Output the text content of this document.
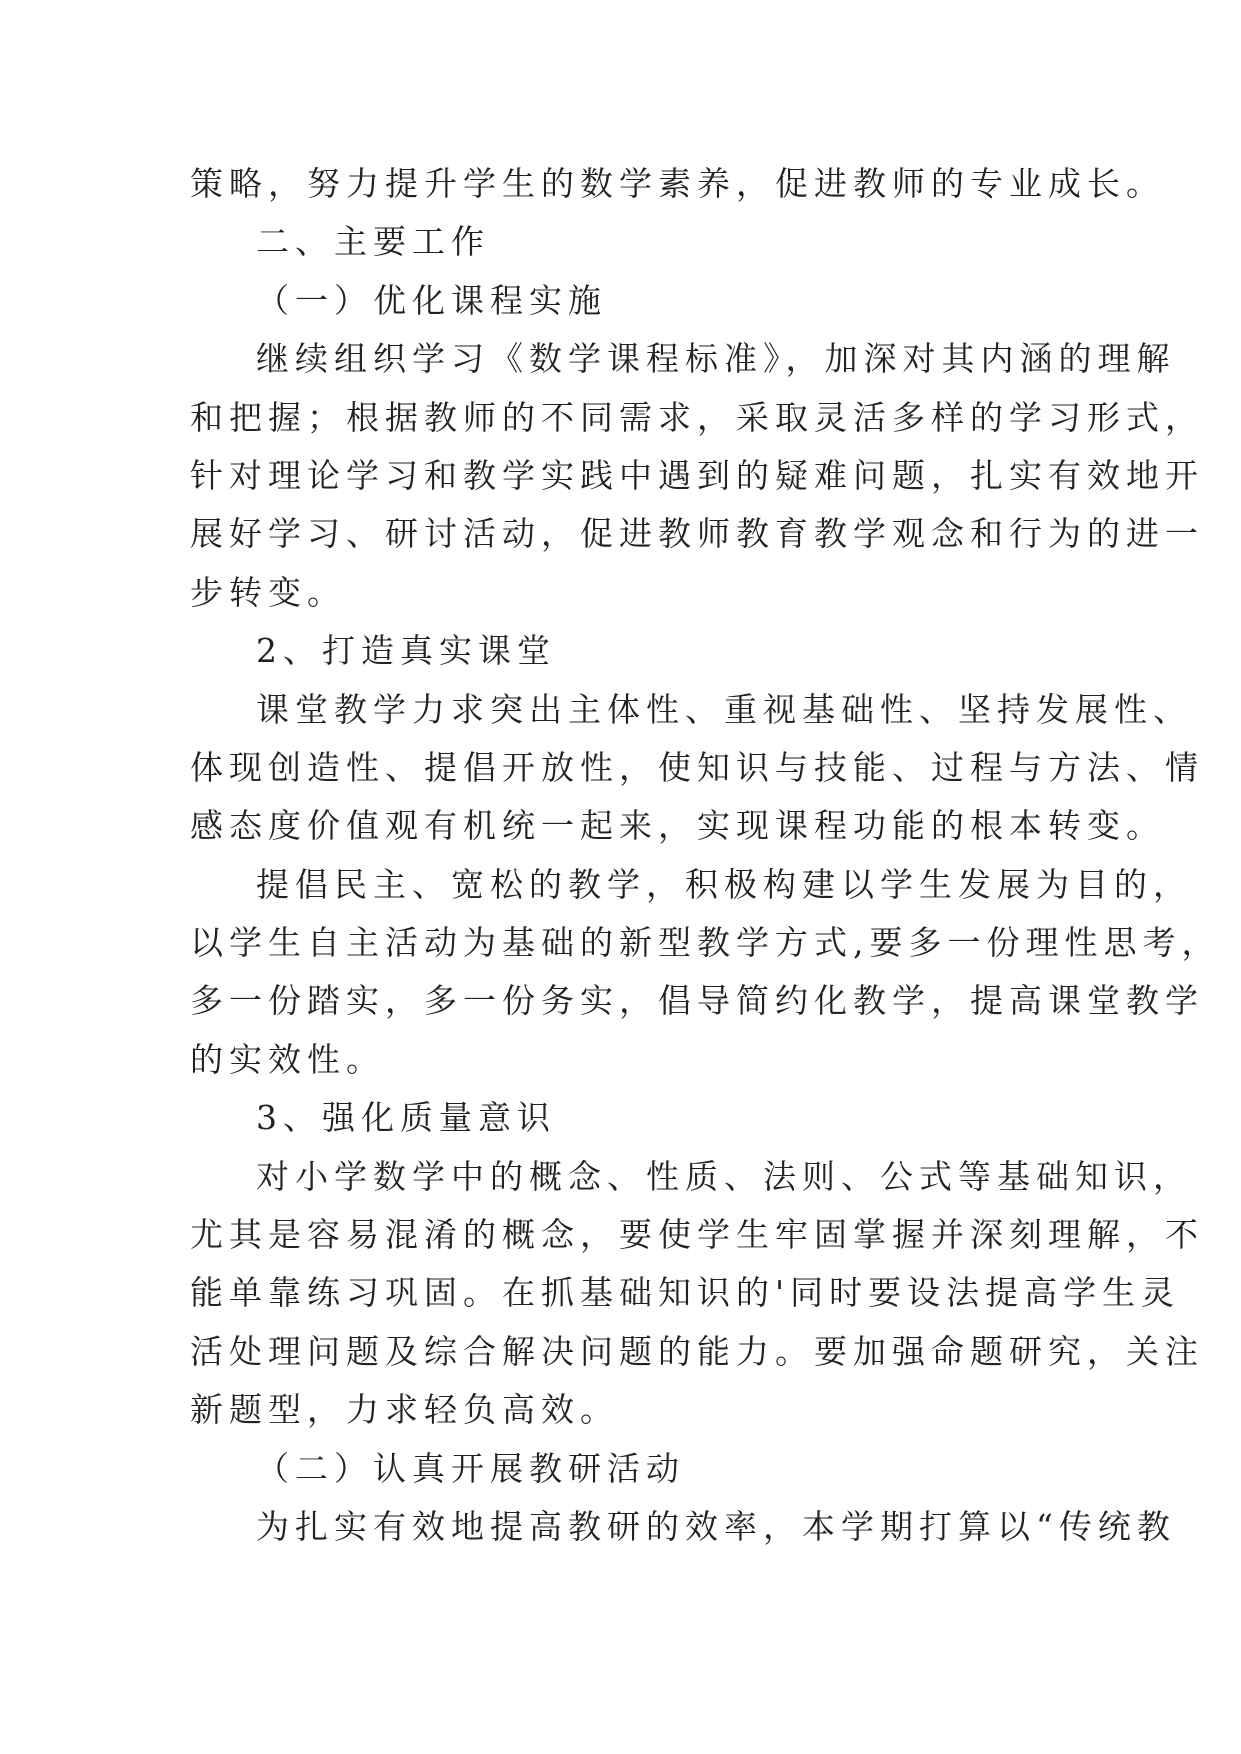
策略，努力提升学生的数学素养，促进教师的专业成长。
二、主要工作
（一）优化课程实施
继续组织学习《数学课程标准》，加深对其内涵的理解
和把握；根据教师的不同需求，采取灵活多样的学习形式，
针对理论学习和教学实践中遇到的疑难问题，扎实有效地开
展好学习、研讨活动，促进教师教育教学观念和行为的进一
步转变。
2、打造真实课堂
课堂教学力求突出主体性、重视基础性、坚持发展性、
体现创造性、提倡开放性，使知识与技能、过程与方法、情
感态度价值观有机统一起来，实现课程功能的根本转变。
提倡民主、宽松的教学，积极构建以学生发展为目的，
以学生自主活动为基础的新型教学方式,要多一份理性思考，
多一份踏实，多一份务实，倡导简约化教学，提高课堂教学
的实效性。
3、强化质量意识
对小学数学中的概念、性质、法则、公式等基础知识，
尤其是容易混淆的概念，要使学生牢固掌握并深刻理解，不
能单靠练习巩固。在抓基础知识的'同时要设法提高学生灵
活处理问题及综合解决问题的能力。要加强命题研究，关注
新题型，力求轻负高效。
（二）认真开展教研活动
为扎实有效地提高教研的效率，本学期打算以“传统教
